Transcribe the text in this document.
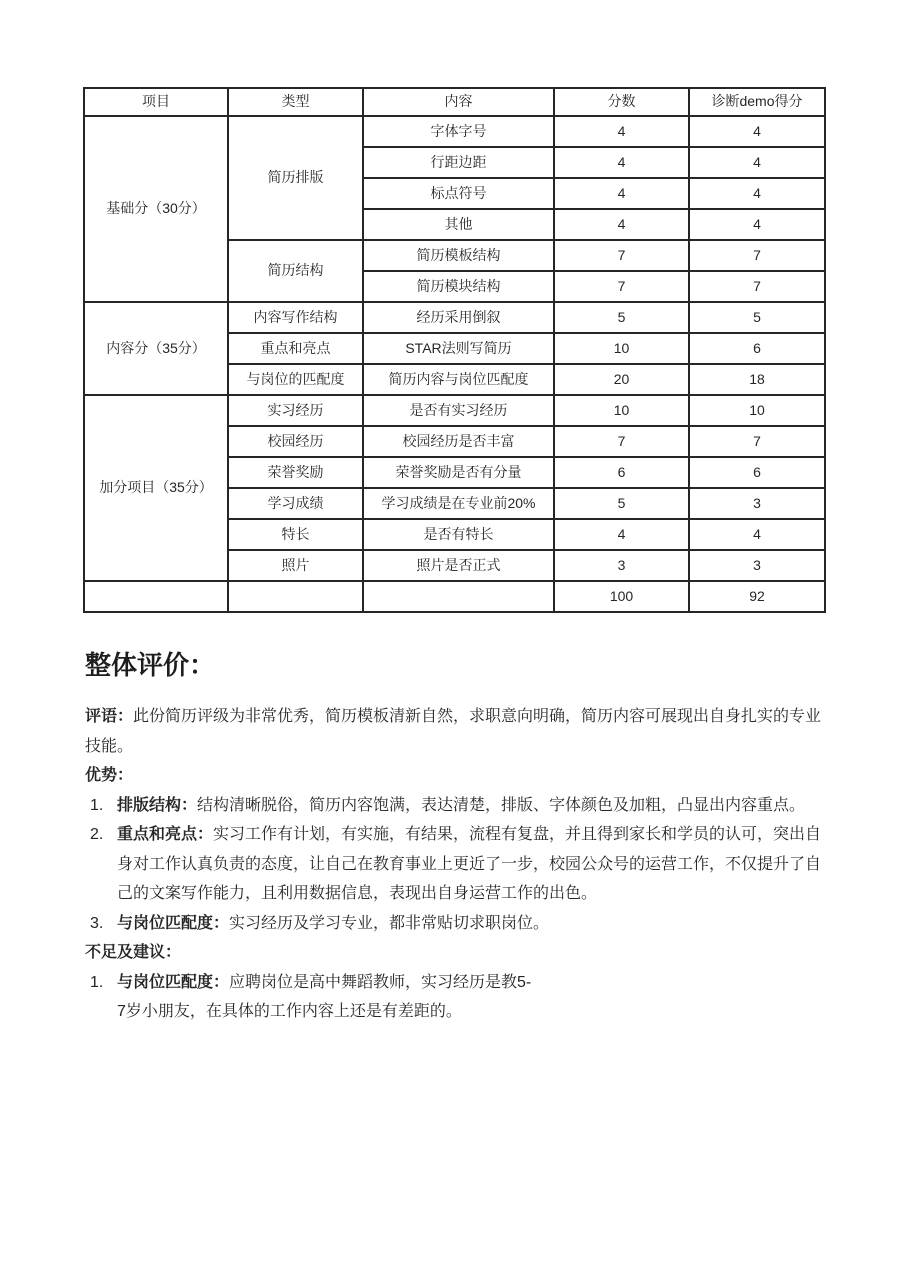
项目	类型	内容	分数	诊断demo得分
基础分（30分）	简历排版	字体字号	4	4
		行距边距	4	4
		标点符号	4	4
		其他	4	4
	简历结构	简历模板结构	7	7
		简历模块结构	7	7
内容分（35分）	内容写作结构	经历采用倒叙	5	5
	重点和亮点	STAR法则写简历	10	6
	与岗位的匹配度	简历内容与岗位匹配度	20	18
加分项目（35分）	实习经历	是否有实习经历	10	10
	校园经历	校园经历是否丰富	7	7
	荣誉奖励	荣誉奖励是否有分量	6	6
	学习成绩	学习成绩是在专业前20%	5	3
	特长	是否有特长	4	4
	照片	照片是否正式	3	3
			100	92
整体评价：

评语：此份简历评级为非常优秀，简历模板清新自然，求职意向明确，简历内容可展现出自身扎实的专业技能。

优势：

1. 排版结构：结构清晰脱俗，简历内容饱满，表达清楚，排版、字体颜色及加粗，凸显出内容重点。
2. 重点和亮点：实习工作有计划，有实施，有结果，流程有复盘，并且得到家长和学员的认可，突出自身对工作认真负责的态度，让自己在教育事业上更近了一步，校园公众号的运营工作，不仅提升了自己的文案写作能力，且利用数据信息，表现出自身运营工作的出色。
3. 与岗位匹配度：实习经历及学习专业，都非常贴切求职岗位。

不足及建议：

1. 与岗位匹配度：应聘岗位是高中舞蹈教师，实习经历是教5-
7岁小朋友，在具体的工作内容上还是有差距的。
